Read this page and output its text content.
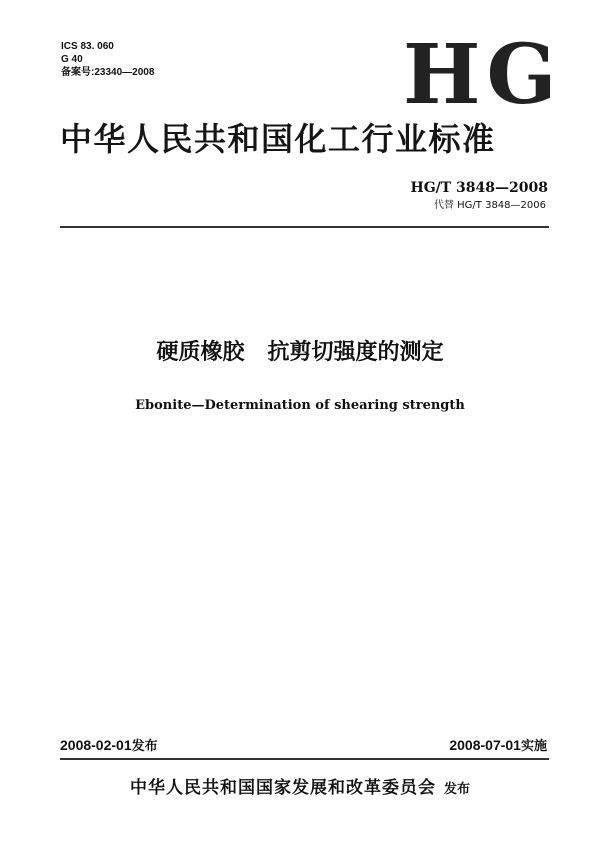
ICS 83. 060
G 40
备案号:23340—2008	HG
中华人民共和国化工行业标准
HG/T 3848—2008
代替 HG/T 3848—2006
硬质橡胶   抗剪切强度的测定
Ebonite—Determination of shearing strength
2008-02-01发布	2008-07-01实施
中华人民共和国国家发展和改革委员会 发布
